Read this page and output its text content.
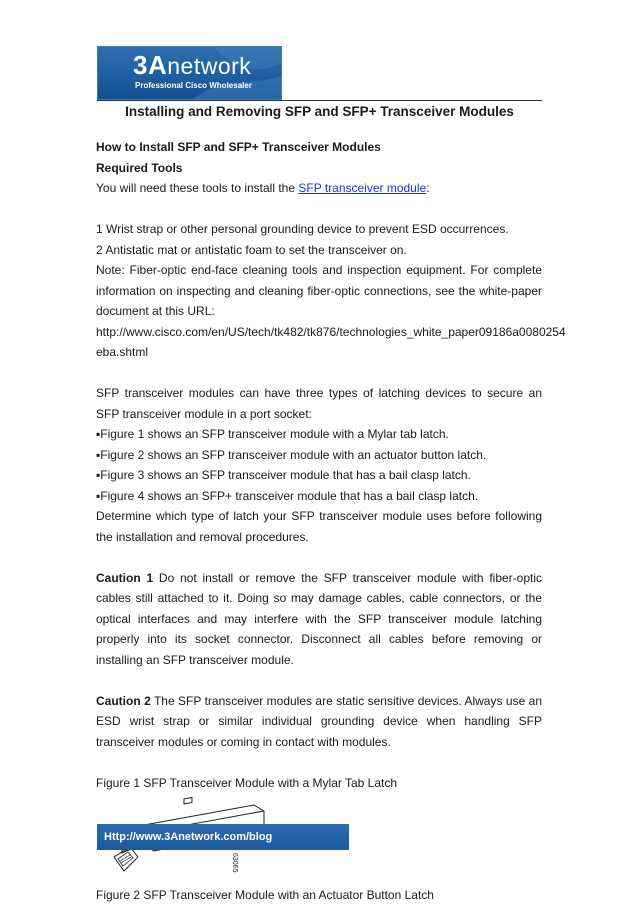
3Anetwork
Professional Cisco Wholesaler
Installing and Removing SFP and SFP+ Transceiver Modules

How to Install SFP and SFP+ Transceiver Modules

Required Tools

You will need these tools to install the SFP transceiver module:

1 Wrist strap or other personal grounding device to prevent ESD occurrences.

2 Antistatic mat or antistatic foam to set the transceiver on.

Note: Fiber-optic end-face cleaning tools and inspection equipment. For complete information on inspecting and cleaning fiber-optic connections, see the white-paper document at this URL:

http://www.cisco.com/en/US/tech/tk482/tk876/technologies_white_paper09186a0080254

eba.shtml

SFP transceiver modules can have three types of latching devices to secure an SFP transceiver module in a port socket:

▪Figure 1 shows an SFP transceiver module with a Mylar tab latch.

▪Figure 2 shows an SFP transceiver module with an actuator button latch.

▪Figure 3 shows an SFP transceiver module that has a bail clasp latch.

▪Figure 4 shows an SFP+ transceiver module that has a bail clasp latch.

Determine which type of latch your SFP transceiver module uses before following the installation and removal procedures.

Caution 1 Do not install or remove the SFP transceiver module with fiber-optic cables still attached to it. Doing so may damage cables, cable connectors, or the optical interfaces and may interfere with the SFP transceiver module latching properly into its socket connector. Disconnect all cables before removing or installing an SFP transceiver module.

Caution 2 The SFP transceiver modules are static sensitive devices. Always use an ESD wrist strap or similar individual grounding device when handling SFP transceiver modules or coming in contact with modules.

Figure 1 SFP Transceiver Module with a Mylar Tab Latch

63065

Figure 2 SFP Transceiver Module with an Actuator Button Latch

Http://www.3Anetwork.com/blog
